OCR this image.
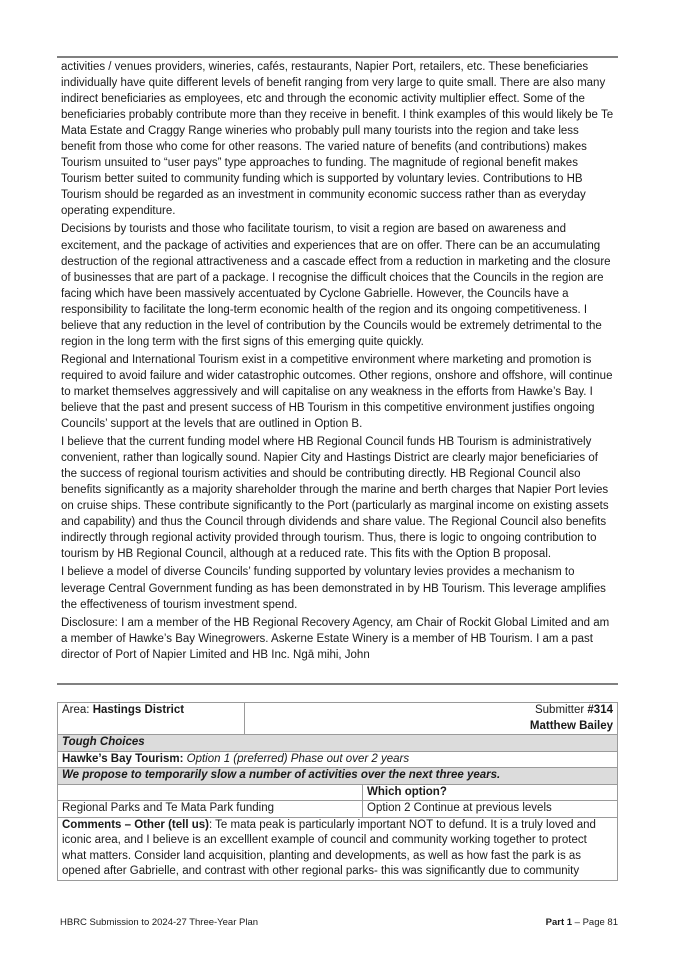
activities / venues providers, wineries, cafés, restaurants, Napier Port, retailers, etc. These beneficiaries individually have quite different levels of benefit ranging from very large to quite small. There are also many indirect beneficiaries as employees, etc and through the economic activity multiplier effect. Some of the beneficiaries probably contribute more than they receive in benefit. I think examples of this would likely be Te Mata Estate and Craggy Range wineries who probably pull many tourists into the region and take less benefit from those who come for other reasons. The varied nature of benefits (and contributions) makes Tourism unsuited to “user pays” type approaches to funding. The magnitude of regional benefit makes Tourism better suited to community funding which is supported by voluntary levies. Contributions to HB Tourism should be regarded as an investment in community economic success rather than as everyday operating expenditure.

Decisions by tourists and those who facilitate tourism, to visit a region are based on awareness and excitement, and the package of activities and experiences that are on offer. There can be an accumulating destruction of the regional attractiveness and a cascade effect from a reduction in marketing and the closure of businesses that are part of a package. I recognise the difficult choices that the Councils in the region are facing which have been massively accentuated by Cyclone Gabrielle. However, the Councils have a responsibility to facilitate the long-term economic health of the region and its ongoing competitiveness. I believe that any reduction in the level of contribution by the Councils would be extremely detrimental to the region in the long term with the first signs of this emerging quite quickly.

Regional and International Tourism exist in a competitive environment where marketing and promotion is required to avoid failure and wider catastrophic outcomes. Other regions, onshore and offshore, will continue to market themselves aggressively and will capitalise on any weakness in the efforts from Hawke’s Bay. I believe that the past and present success of HB Tourism in this competitive environment justifies ongoing Councils’ support at the levels that are outlined in Option B.

I believe that the current funding model where HB Regional Council funds HB Tourism is administratively convenient, rather than logically sound. Napier City and Hastings District are clearly major beneficiaries of the success of regional tourism activities and should be contributing directly. HB Regional Council also benefits significantly as a majority shareholder through the marine and berth charges that Napier Port levies on cruise ships. These contribute significantly to the Port (particularly as marginal income on existing assets and capability) and thus the Council through dividends and share value. The Regional Council also benefits indirectly through regional activity provided through tourism. Thus, there is logic to ongoing contribution to tourism by HB Regional Council, although at a reduced rate. This fits with the Option B proposal.

I believe a model of diverse Councils’ funding supported by voluntary levies provides a mechanism to leverage Central Government funding as has been demonstrated in by HB Tourism. This leverage amplifies the effectiveness of tourism investment spend.

Disclosure: I am a member of the HB Regional Recovery Agency, am Chair of Rockit Global Limited and am a member of Hawke’s Bay Winegrowers. Askerne Estate Winery is a member of HB Tourism. I am a past director of Port of Napier Limited and HB Inc. Ngā mihi, John

Area: Hastings District	Submitter #314
Matthew Bailey	

Tough Choices		
Hawke’s Bay Tourism: Option 1 (preferred) Phase out over 2 years		
We propose to temporarily slow a number of activities over the next three years.		
		Which option?
Regional Parks and Te Mata Park funding		Option 2 Continue at previous levels
Comments – Other (tell us): Te mata peak is particularly important NOT to defund. It is a truly loved and iconic area, and I believe is an excelllent example of council and community working together to protect what matters. Consider land acquisition, planting and developments, as well as how fast the park is as opened after Gabrielle, and contrast with other regional parks- this was significantly due to community		
HBRC Submission to 2024-27 Three-Year Plan	Part 1 – Page 81
